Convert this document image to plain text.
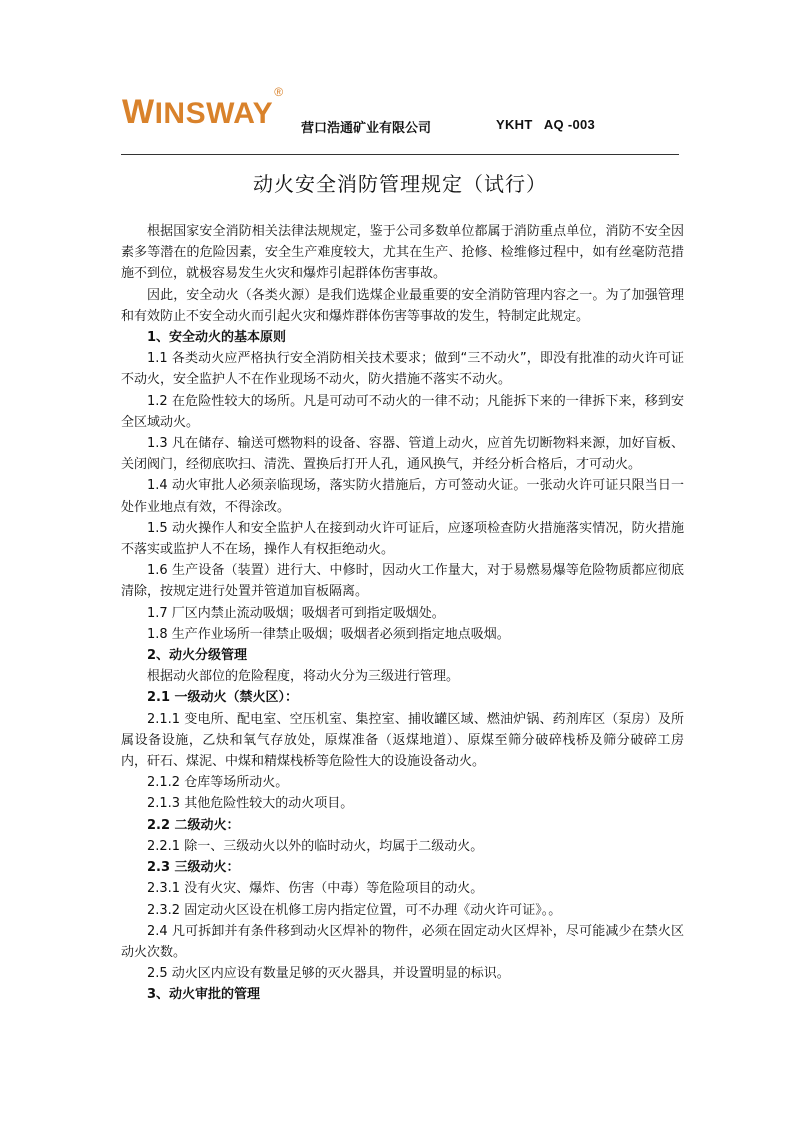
WINSWAY®
营口浩通矿业有限公司	YKHT   AQ -003
动火安全消防管理规定（试行）

根据国家安全消防相关法律法规规定，鉴于公司多数单位都属于消防重点单位，消防不安全因素多等潜在的危险因素，安全生产难度较大，尤其在生产、抢修、检维修过程中，如有丝毫防范措施不到位，就极容易发生火灾和爆炸引起群体伤害事故。

因此，安全动火（各类火源）是我们选煤企业最重要的安全消防管理内容之一。为了加强管理和有效防止不安全动火而引起火灾和爆炸群体伤害等事故的发生，特制定此规定。

1、安全动火的基本原则

1.1 各类动火应严格执行安全消防相关技术要求；做到“三不动火”，即没有批准的动火许可证不动火，安全监护人不在作业现场不动火，防火措施不落实不动火。

1.2 在危险性较大的场所。凡是可动可不动火的一律不动；凡能拆下来的一律拆下来，移到安全区域动火。

1.3 凡在储存、输送可燃物料的设备、容器、管道上动火，应首先切断物料来源，加好盲板、关闭阀门，经彻底吹扫、清洗、置换后打开人孔，通风换气，并经分析合格后，才可动火。

1.4 动火审批人必须亲临现场，落实防火措施后，方可签动火证。一张动火许可证只限当日一处作业地点有效，不得涂改。

1.5 动火操作人和安全监护人在接到动火许可证后，应逐项检查防火措施落实情况，防火措施不落实或监护人不在场，操作人有权拒绝动火。

1.6 生产设备（装置）进行大、中修时，因动火工作量大，对于易燃易爆等危险物质都应彻底清除，按规定进行处置并管道加盲板隔离。

1.7 厂区内禁止流动吸烟；吸烟者可到指定吸烟处。

1.8 生产作业场所一律禁止吸烟；吸烟者必须到指定地点吸烟。

2、动火分级管理

根据动火部位的危险程度，将动火分为三级进行管理。

2.1 一级动火（禁火区）：

2.1.1 变电所、配电室、空压机室、集控室、捕收罐区域、燃油炉锅、药剂库区（泵房）及所属设备设施，乙炔和氧气存放处，原煤准备（返煤地道）、原煤至筛分破碎栈桥及筛分破碎工房内，矸石、煤泥、中煤和精煤栈桥等危险性大的设施设备动火。

2.1.2 仓库等场所动火。

2.1.3 其他危险性较大的动火项目。

2.2 二级动火：

2.2.1 除一、三级动火以外的临时动火，均属于二级动火。

2.3 三级动火：

2.3.1 没有火灾、爆炸、伤害（中毒）等危险项目的动火。

2.3.2 固定动火区设在机修工房内指定位置，可不办理《动火许可证》。。

2.4 凡可拆卸并有条件移到动火区焊补的物件，必须在固定动火区焊补，尽可能减少在禁火区动火次数。

2.5 动火区内应设有数量足够的灭火器具，并设置明显的标识。

3、动火审批的管理
